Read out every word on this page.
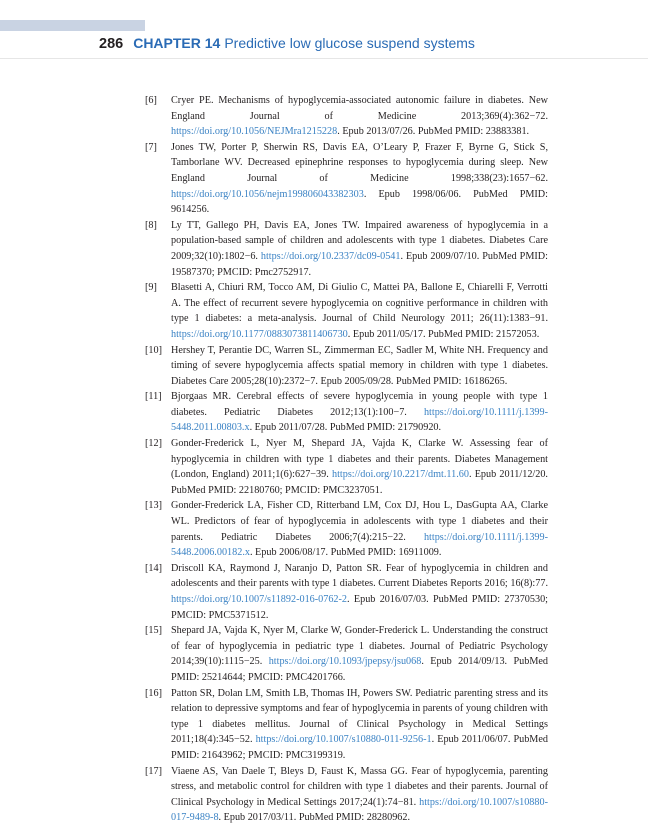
286 CHAPTER 14 Predictive low glucose suspend systems

[6] Cryer PE. Mechanisms of hypoglycemia-associated autonomic failure in diabetes. New England Journal of Medicine 2013;369(4):362−72. https://doi.org/10.1056/NEJMra1215228. Epub 2013/07/26. PubMed PMID: 23883381.

[7] Jones TW, Porter P, Sherwin RS, Davis EA, O’Leary P, Frazer F, Byrne G, Stick S, Tamborlane WV. Decreased epinephrine responses to hypoglycemia during sleep. New England Journal of Medicine 1998;338(23):1657−62. https://doi.org/10.1056/nejm199806043382303. Epub 1998/06/06. PubMed PMID: 9614256.

[8] Ly TT, Gallego PH, Davis EA, Jones TW. Impaired awareness of hypoglycemia in a population-based sample of children and adolescents with type 1 diabetes. Diabetes Care 2009;32(10):1802−6. https://doi.org/10.2337/dc09-0541. Epub 2009/07/10. PubMed PMID: 19587370; PMCID: Pmc2752917.

[9] Blasetti A, Chiuri RM, Tocco AM, Di Giulio C, Mattei PA, Ballone E, Chiarelli F, Verrotti A. The effect of recurrent severe hypoglycemia on cognitive performance in children with type 1 diabetes: a meta-analysis. Journal of Child Neurology 2011; 26(11):1383−91. https://doi.org/10.1177/0883073811406730. Epub 2011/05/17. PubMed PMID: 21572053.

[10] Hershey T, Perantie DC, Warren SL, Zimmerman EC, Sadler M, White NH. Frequency and timing of severe hypoglycemia affects spatial memory in children with type 1 diabetes. Diabetes Care 2005;28(10):2372−7. Epub 2005/09/28. PubMed PMID: 16186265.

[11] Bjorgaas MR. Cerebral effects of severe hypoglycemia in young people with type 1 diabetes. Pediatric Diabetes 2012;13(1):100−7. https://doi.org/10.1111/j.1399-5448.2011.00803.x. Epub 2011/07/28. PubMed PMID: 21790920.

[12] Gonder-Frederick L, Nyer M, Shepard JA, Vajda K, Clarke W. Assessing fear of hypoglycemia in children with type 1 diabetes and their parents. Diabetes Management (London, England) 2011;1(6):627−39. https://doi.org/10.2217/dmt.11.60. Epub 2011/12/20. PubMed PMID: 22180760; PMCID: PMC3237051.

[13] Gonder-Frederick LA, Fisher CD, Ritterband LM, Cox DJ, Hou L, DasGupta AA, Clarke WL. Predictors of fear of hypoglycemia in adolescents with type 1 diabetes and their parents. Pediatric Diabetes 2006;7(4):215−22. https://doi.org/10.1111/j.1399-5448.2006.00182.x. Epub 2006/08/17. PubMed PMID: 16911009.

[14] Driscoll KA, Raymond J, Naranjo D, Patton SR. Fear of hypoglycemia in children and adolescents and their parents with type 1 diabetes. Current Diabetes Reports 2016; 16(8):77. https://doi.org/10.1007/s11892-016-0762-2. Epub 2016/07/03. PubMed PMID: 27370530; PMCID: PMC5371512.

[15] Shepard JA, Vajda K, Nyer M, Clarke W, Gonder-Frederick L. Understanding the construct of fear of hypoglycemia in pediatric type 1 diabetes. Journal of Pediatric Psychology 2014;39(10):1115−25. https://doi.org/10.1093/jpepsy/jsu068. Epub 2014/09/13. PubMed PMID: 25214644; PMCID: PMC4201766.

[16] Patton SR, Dolan LM, Smith LB, Thomas IH, Powers SW. Pediatric parenting stress and its relation to depressive symptoms and fear of hypoglycemia in parents of young children with type 1 diabetes mellitus. Journal of Clinical Psychology in Medical Settings 2011;18(4):345−52. https://doi.org/10.1007/s10880-011-9256-1. Epub 2011/06/07. PubMed PMID: 21643962; PMCID: PMC3199319.

[17] Viaene AS, Van Daele T, Bleys D, Faust K, Massa GG. Fear of hypoglycemia, parenting stress, and metabolic control for children with type 1 diabetes and their parents. Journal of Clinical Psychology in Medical Settings 2017;24(1):74−81. https://doi.org/10.1007/s10880-017-9489-8. Epub 2017/03/11. PubMed PMID: 28280962.
